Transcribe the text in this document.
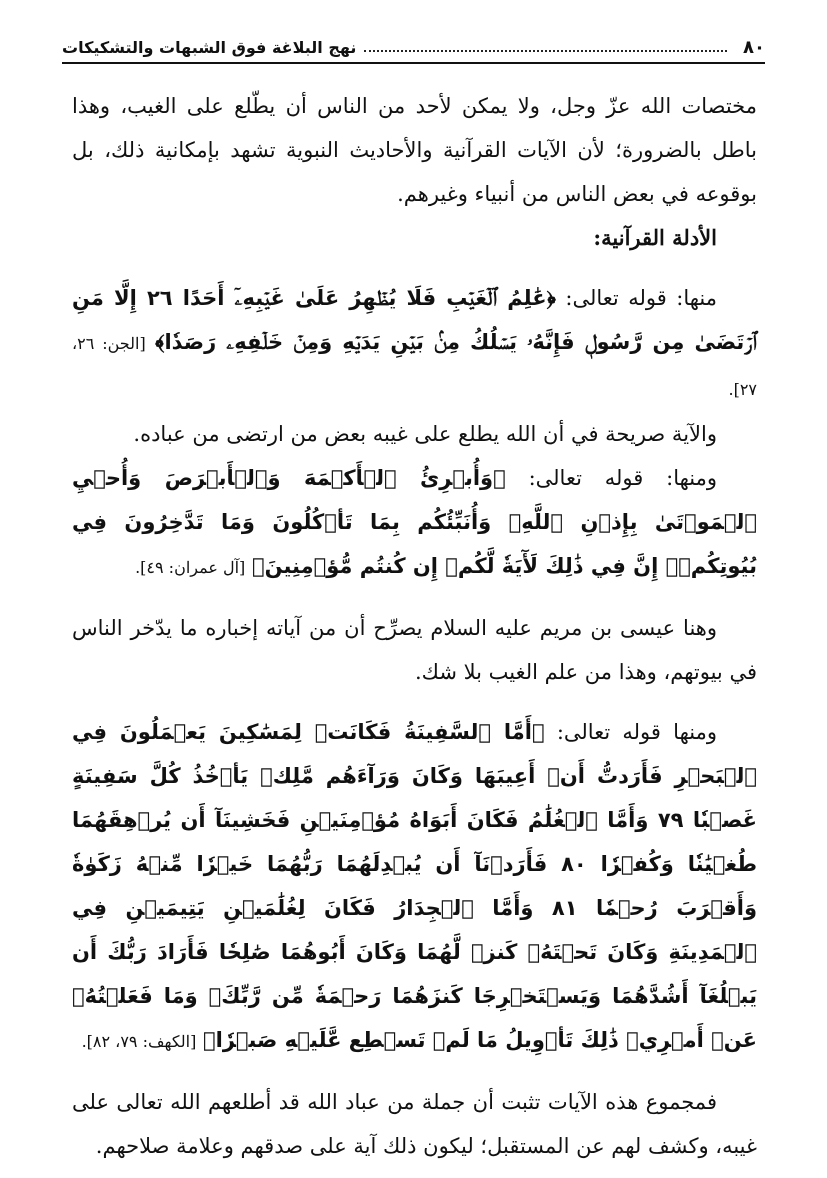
٨٠
نهج البلاغة فوق الشبهات والتشكيكات

مختصات الله عزّ وجل، ولا يمكن لأحد من الناس أن يطّلع على الغيب، وهذا باطل بالضرورة؛ لأن الآيات القرآنية والأحاديث النبوية تشهد بإمكانية ذلك، بل بوقوعه في بعض الناس من أنبياء وغيرهم.

الأدلة القرآنية:

منها: قوله تعالى: ﴿عَٰلِمُ ٱلۡغَيۡبِ فَلَا يُظۡهِرُ عَلَىٰ غَيۡبِهِۦٓ أَحَدًا ٢٦ إِلَّا مَنِ ٱرۡتَضَىٰ مِن رَّسُولٖ فَإِنَّهُۥ يَسۡلُكُ مِنۢ بَيۡنِ يَدَيۡهِ وَمِنۡ خَلۡفِهِۦ رَصَدٗا﴾ [الجن: ٢٦، ٢٧].

والآية صريحة في أن الله يطلع على غيبه بعض من ارتضى من عباده.

ومنها: قوله تعالى: ﴿وَأُبۡرِئُ ٱلۡأَكۡمَهَ وَٱلۡأَبۡرَصَ وَأُحۡيِ ٱلۡمَوۡتَىٰ بِإِذۡنِ ٱللَّهِۖ وَأُنَبِّئُكُم بِمَا تَأۡكُلُونَ وَمَا تَدَّخِرُونَ فِي بُيُوتِكُمۡۚ إِنَّ فِي ذَٰلِكَ لَأٓيَةٗ لَّكُمۡ إِن كُنتُم مُّؤۡمِنِينَ﴾ [آل عمران: ٤٩].

وهنا عيسى بن مريم عليه السلام يصرِّح أن من آياته إخباره ما يدّخر الناس في بيوتهم، وهذا من علم الغيب بلا شك.

ومنها قوله تعالى: ﴿أَمَّا ٱلسَّفِينَةُ فَكَانَتۡ لِمَسَٰكِينَ يَعۡمَلُونَ فِي ٱلۡبَحۡرِ فَأَرَدتُّ أَنۡ أَعِيبَهَا وَكَانَ وَرَآءَهُم مَّلِكٞ يَأۡخُذُ كُلَّ سَفِينَةٍ غَصۡبٗا ٧٩ وَأَمَّا ٱلۡغُلَٰمُ فَكَانَ أَبَوَاهُ مُؤۡمِنَيۡنِ فَخَشِينَآ أَن يُرۡهِقَهُمَا طُغۡيَٰنٗا وَكُفۡرٗا ٨٠ فَأَرَدۡنَآ أَن يُبۡدِلَهُمَا رَبُّهُمَا خَيۡرٗا مِّنۡهُ زَكَوٰةٗ وَأَقۡرَبَ رُحۡمٗا ٨١ وَأَمَّا ٱلۡجِدَارُ فَكَانَ لِغُلَٰمَيۡنِ يَتِيمَيۡنِ فِي ٱلۡمَدِينَةِ وَكَانَ تَحۡتَهُۥ كَنزٞ لَّهُمَا وَكَانَ أَبُوهُمَا صَٰلِحٗا فَأَرَادَ رَبُّكَ أَن يَبۡلُغَآ أَشُدَّهُمَا وَيَسۡتَخۡرِجَا كَنزَهُمَا رَحۡمَةٗ مِّن رَّبِّكَۚ وَمَا فَعَلۡتُهُۥ عَنۡ أَمۡرِيۚ ذَٰلِكَ تَأۡوِيلُ مَا لَمۡ تَسۡطِع عَّلَيۡهِ صَبۡرٗا﴾ [الكهف: ٧٩، ٨٢].

فمجموع هذه الآيات تثبت أن جملة من عباد الله قد أطلعهم الله تعالى على غيبه، وكشف لهم عن المستقبل؛ ليكون ذلك آية على صدقهم وعلامة صلاحهم.
